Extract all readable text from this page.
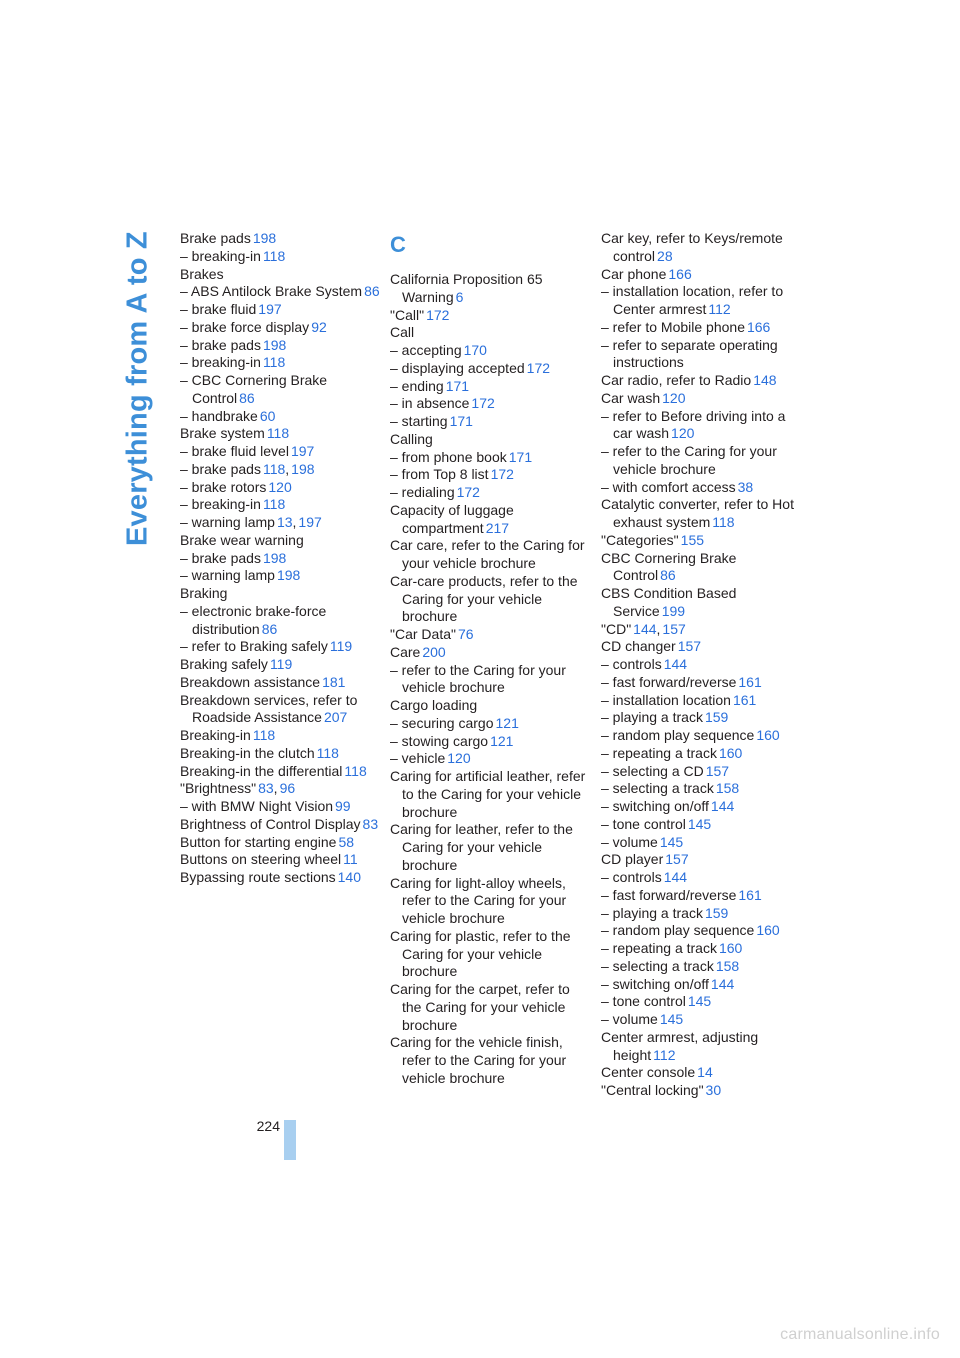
Everything from A to Z	Brake pads 198

– breaking-in 118

Brakes

– ABS Antilock Brake System 86

– brake fluid 197

– brake force display 92

– brake pads 198

– breaking-in 118

– CBC Cornering Brake Control 86

– handbrake 60

Brake system 118

– brake fluid level 197

– brake pads 118, 198

– brake rotors 120

– breaking-in 118

– warning lamp 13, 197

Brake wear warning

– brake pads 198

– warning lamp 198

Braking

– electronic brake-force distribution 86

– refer to Braking safely 119

Braking safely 119

Breakdown assistance 181

Breakdown services, refer to Roadside Assistance 207

Breaking-in 118

Breaking-in the clutch 118

Breaking-in the differential 118

"Brightness" 83, 96

– with BMW Night Vision 99

Brightness of Control Display 83

Button for starting engine 58

Buttons on steering wheel 11

Bypassing route sections 140

C

California Proposition 65 Warning 6

"Call" 172

Call

– accepting 170

– displaying accepted 172

– ending 171

– in absence 172

– starting 171

Calling

– from phone book 171

– from Top 8 list 172

– redialing 172

Capacity of luggage compartment 217

Car care, refer to the Caring for your vehicle brochure

Car-care products, refer to the Caring for your vehicle brochure

"Car Data" 76

Care 200

– refer to the Caring for your vehicle brochure

Cargo loading

– securing cargo 121

– stowing cargo 121

– vehicle 120

Caring for artificial leather, refer to the Caring for your vehicle brochure

Caring for leather, refer to the Caring for your vehicle brochure

Caring for light-alloy wheels, refer to the Caring for your vehicle brochure

Caring for plastic, refer to the Caring for your vehicle brochure

Caring for the carpet, refer to the Caring for your vehicle brochure

Caring for the vehicle finish, refer to the Caring for your vehicle brochure

Car key, refer to Keys/remote control 28

Car phone 166

– installation location, refer to Center armrest 112

– refer to Mobile phone 166

– refer to separate operating instructions

Car radio, refer to Radio 148

Car wash 120

– refer to Before driving into a car wash 120

– refer to the Caring for your vehicle brochure

– with comfort access 38

Catalytic converter, refer to Hot exhaust system 118

"Categories" 155

CBC Cornering Brake Control 86

CBS Condition Based Service 199

"CD" 144, 157

CD changer 157

– controls 144

– fast forward/reverse 161

– installation location 161

– playing a track 159

– random play sequence 160

– repeating a track 160

– selecting a CD 157

– selecting a track 158

– switching on/off 144

– tone control 145

– volume 145

CD player 157

– controls 144

– fast forward/reverse 161

– playing a track 159

– random play sequence 160

– repeating a track 160

– selecting a track 158

– switching on/off 144

– tone control 145

– volume 145

Center armrest, adjusting height 112

Center console 14

"Central locking" 30

224
carmanualsonline.info
